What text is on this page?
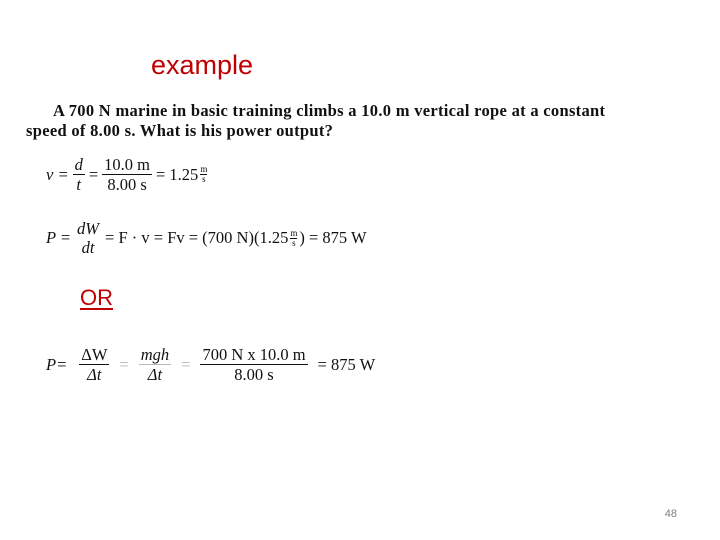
example
A 700 N marine in basic training climbs a 10.0 m vertical rope at a constant
speed of 8.00 s. What is his power output?
$v = \frac{d}{t} = \frac{10.0 m}{8.00 s} = 1.25 \frac{m}{s}$
P = dW
dt
= F · v = Fv = (700 $N)(1.25 \frac{m}{s}$ ) = 875 W
OR
$P= \frac{\Delta W}{\Delta t} = \frac{\text{mgh}}{\Delta t} = \frac{\text{700 N x 10.0 m}}{8.00 s} = 875$ W
48
